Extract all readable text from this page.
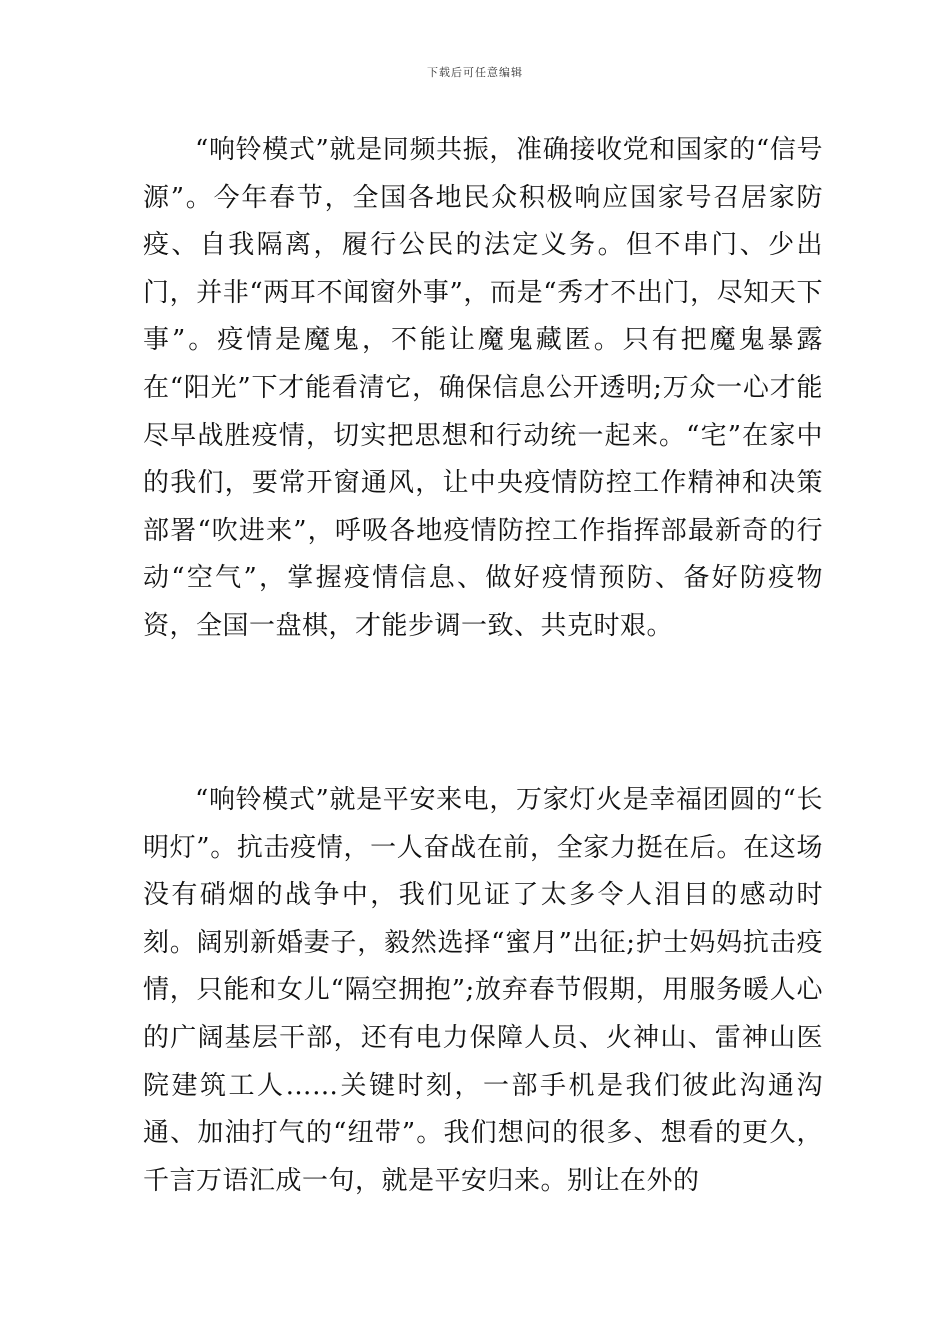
下载后可任意编辑

“响铃模式”就是同频共振，准确接收党和国家的“信号源”。今年春节，全国各地民众积极响应国家号召居家防疫、自我隔离，履行公民的法定义务。但不串门、少出门，并非“两耳不闻窗外事”，而是“秀才不出门，尽知天下事”。疫情是魔鬼，不能让魔鬼藏匿。只有把魔鬼暴露在“阳光”下才能看清它，确保信息公开透明;万众一心才能尽早战胜疫情，切实把思想和行动统一起来。“宅”在家中的我们，要常开窗通风，让中央疫情防控工作精神和决策部署“吹进来”，呼吸各地疫情防控工作指挥部最新奇的行动“空气”，掌握疫情信息、做好疫情预防、备好防疫物资，全国一盘棋，才能步调一致、共克时艰。

“响铃模式”就是平安来电，万家灯火是幸福团圆的“长明灯”。抗击疫情，一人奋战在前，全家力挺在后。在这场没有硝烟的战争中，我们见证了太多令人泪目的感动时刻。阔别新婚妻子，毅然选择“蜜月”出征;护士妈妈抗击疫情，只能和女儿“隔空拥抱”;放弃春节假期，用服务暖人心的广阔基层干部，还有电力保障人员、火神山、雷神山医院建筑工人……关键时刻，一部手机是我们彼此沟通沟通、加油打气的“纽带”。我们想问的很多、想看的更久，千言万语汇成一句，就是平安归来。别让在外的
